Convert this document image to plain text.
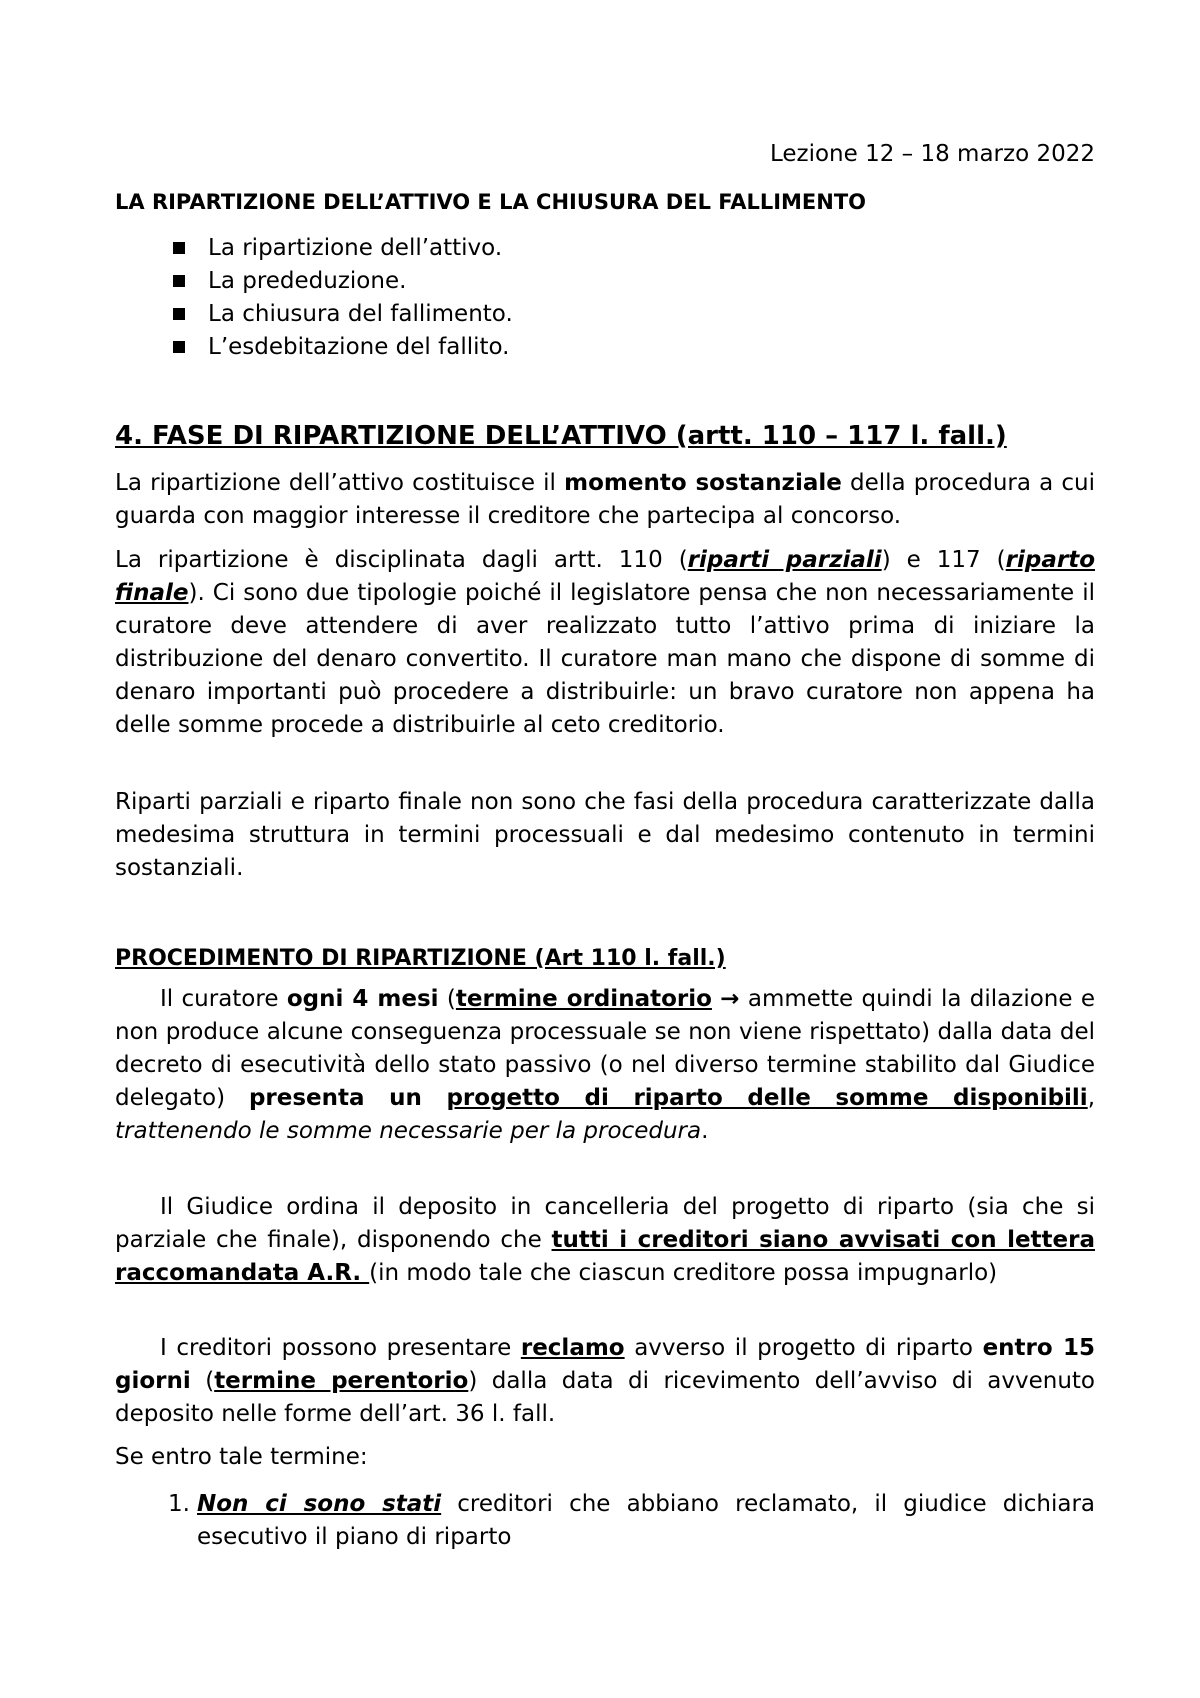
Lezione 12 – 18 marzo 2022
LA RIPARTIZIONE DELL’ATTIVO E LA CHIUSURA DEL FALLIMENTO
La ripartizione dell’attivo.
La prededuzione.
La chiusura del fallimento.
L’esdebitazione del fallito.
4. FASE DI RIPARTIZIONE DELL’ATTIVO (artt. 110 – 117 l. fall.)
La ripartizione dell’attivo costituisce il momento sostanziale della procedura a cui guarda con maggior interesse il creditore che partecipa al concorso.
La ripartizione è disciplinata dagli artt. 110 (riparti parziali) e 117 (riparto finale). Ci sono due tipologie poiché il legislatore pensa che non necessariamente il curatore deve attendere di aver realizzato tutto l’attivo prima di iniziare la distribuzione del denaro convertito. Il curatore man mano che dispone di somme di denaro importanti può procedere a distribuirle: un bravo curatore non appena ha delle somme procede a distribuirle al ceto creditorio.
Riparti parziali e riparto finale non sono che fasi della procedura caratterizzate dalla medesima struttura in termini processuali e dal medesimo contenuto in termini sostanziali.
PROCEDIMENTO DI RIPARTIZIONE (Art 110 l. fall.)
Il curatore ogni 4 mesi (termine ordinatorio → ammette quindi la dilazione e non produce alcune conseguenza processuale se non viene rispettato) dalla data del decreto di esecutività dello stato passivo (o nel diverso termine stabilito dal Giudice delegato) presenta un progetto di riparto delle somme disponibili, trattenendo le somme necessarie per la procedura.
Il Giudice ordina il deposito in cancelleria del progetto di riparto (sia che si parziale che finale), disponendo che tutti i creditori siano avvisati con lettera raccomandata A.R. (in modo tale che ciascun creditore possa impugnarlo)
I creditori possono presentare reclamo avverso il progetto di riparto entro 15 giorni (termine perentorio) dalla data di ricevimento dell’avviso di avvenuto deposito nelle forme dell’art. 36 l. fall.
Se entro tale termine:
1. Non ci sono stati creditori che abbiano reclamato, il giudice dichiara esecutivo il piano di riparto
